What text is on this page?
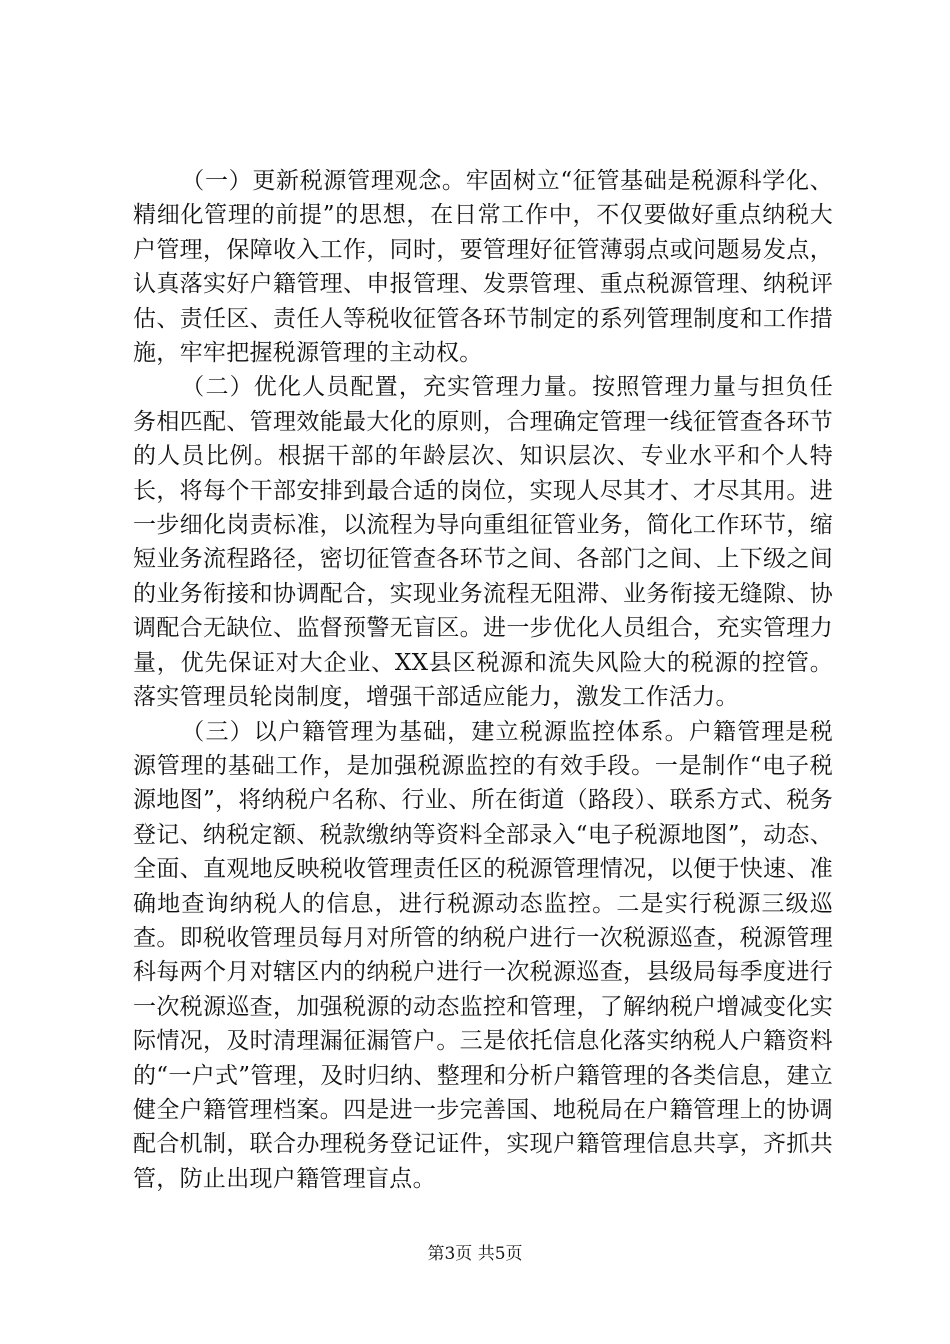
（一）更新税源管理观念。牢固树立“征管基础是税源科学化、精细化管理的前提”的思想，在日常工作中，不仅要做好重点纳税大户管理，保障收入工作，同时，要管理好征管薄弱点或问题易发点，认真落实好户籍管理、申报管理、发票管理、重点税源管理、纳税评估、责任区、责任人等税收征管各环节制定的系列管理制度和工作措施，牢牢把握税源管理的主动权。

（二）优化人员配置，充实管理力量。按照管理力量与担负任务相匹配、管理效能最大化的原则，合理确定管理一线征管查各环节的人员比例。根据干部的年龄层次、知识层次、专业水平和个人特长，将每个干部安排到最合适的岗位，实现人尽其才、才尽其用。进一步细化岗责标准，以流程为导向重组征管业务，简化工作环节，缩短业务流程路径，密切征管查各环节之间、各部门之间、上下级之间的业务衔接和协调配合，实现业务流程无阻滞、业务衔接无缝隙、协调配合无缺位、监督预警无盲区。进一步优化人员组合，充实管理力量，优先保证对大企业、XX县区税源和流失风险大的税源的控管。落实管理员轮岗制度，增强干部适应能力，激发工作活力。

（三）以户籍管理为基础，建立税源监控体系。户籍管理是税源管理的基础工作，是加强税源监控的有效手段。一是制作“电子税源地图”，将纳税户名称、行业、所在街道（路段）、联系方式、税务登记、纳税定额、税款缴纳等资料全部录入“电子税源地图”，动态、全面、直观地反映税收管理责任区的税源管理情况，以便于快速、准确地查询纳税人的信息，进行税源动态监控。二是实行税源三级巡查。即税收管理员每月对所管的纳税户进行一次税源巡查，税源管理科每两个月对辖区内的纳税户进行一次税源巡查，县级局每季度进行一次税源巡查，加强税源的动态监控和管理，了解纳税户增减变化实际情况，及时清理漏征漏管户。三是依托信息化落实纳税人户籍资料的“一户式”管理，及时归纳、整理和分析户籍管理的各类信息，建立健全户籍管理档案。四是进一步完善国、地税局在户籍管理上的协调配合机制，联合办理税务登记证件，实现户籍管理信息共享，齐抓共管，防止出现户籍管理盲点。

第3页 共5页
